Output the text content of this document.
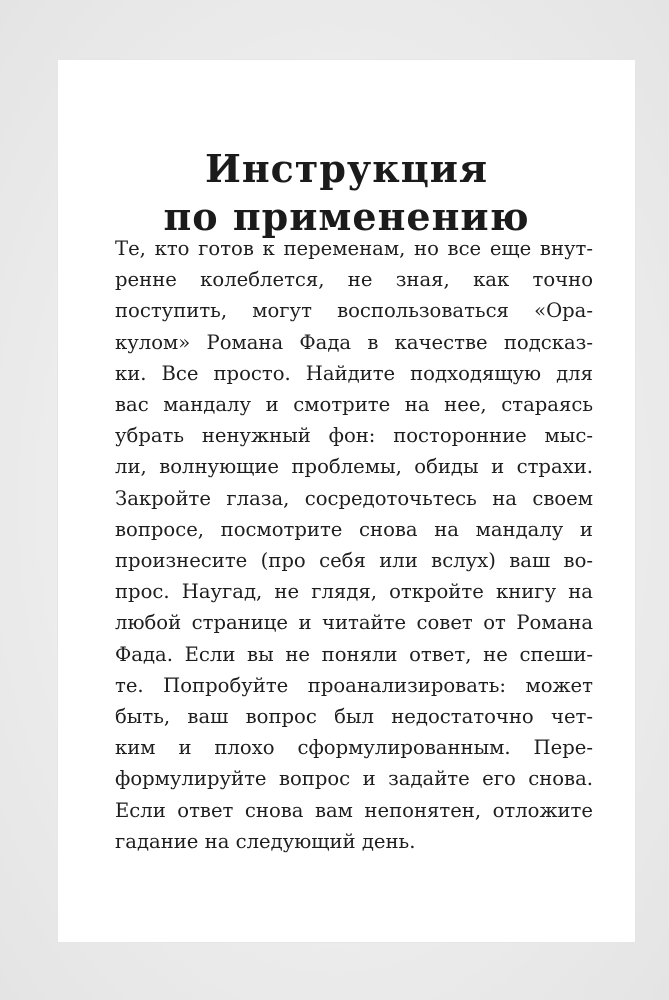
Инструкция
по применению
Те, кто готов к переменам, но все еще внут-
ренне колеблется, не зная, как точно
поступить, могут воспользоваться «Ора-
кулом» Романа Фада в качестве подсказ-
ки. Все просто. Найдите подходящую для
вас мандалу и смотрите на нее, стараясь
убрать ненужный фон: посторонние мыс-
ли, волнующие проблемы, обиды и страхи.
Закройте глаза, сосредоточьтесь на своем
вопросе, посмотрите снова на мандалу и
произнесите (про себя или вслух) ваш во-
прос. Наугад, не глядя, откройте книгу на
любой странице и читайте совет от Романа
Фада. Если вы не поняли ответ, не спеши-
те. Попробуйте проанализировать: может
быть, ваш вопрос был недостаточно чет-
ким и плохо сформулированным. Пере-
формулируйте вопрос и задайте его снова.
Если ответ снова вам непонятен, отложите
гадание на следующий день.
